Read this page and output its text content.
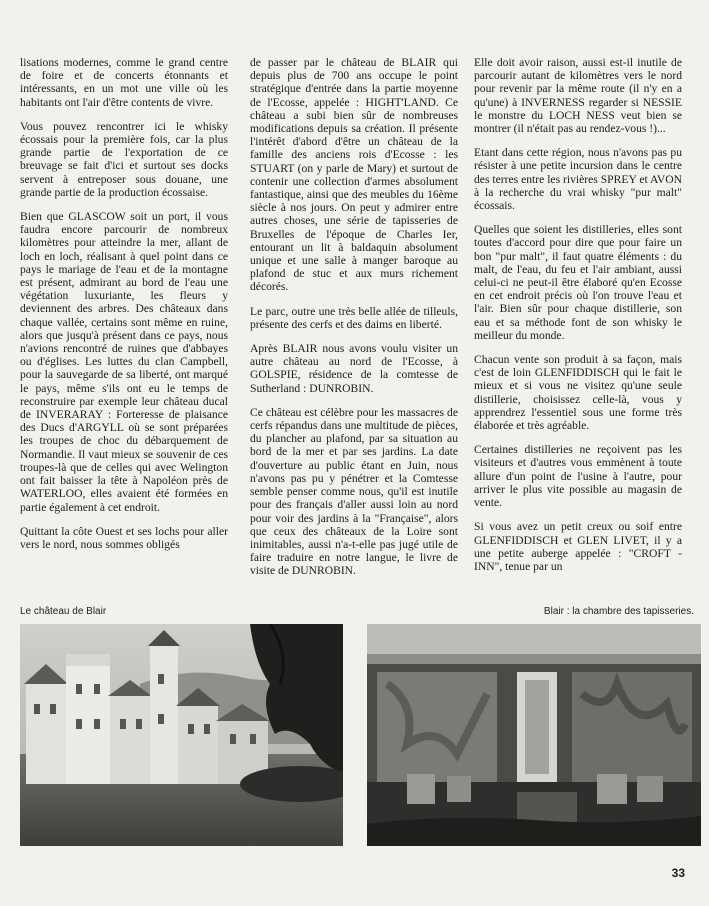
lisations modernes, comme le grand centre de foire et de concerts étonnants et intéressants, en un mot une ville où les habitants ont l'air d'être contents de vivre.

Vous pouvez rencontrer ici le whisky écossais pour la première fois, car la plus grande partie de l'exportation de ce breuvage se fait d'ici et surtout ses docks servent à entreposer sous douane, une grande partie de la production écossaise.

Bien que GLASCOW soit un port, il vous faudra encore parcourir de nombreux kilomètres pour atteindre la mer, allant de loch en loch, réalisant à quel point dans ce pays le mariage de l'eau et de la montagne est présent, admirant au bord de l'eau une végétation luxuriante, les fleurs y deviennent des arbres. Des châteaux dans chaque vallée, certains sont même en ruine, alors que jusqu'à présent dans ce pays, nous n'avions rencontré de ruines que d'abbayes ou d'églises. Les luttes du clan Campbell, pour la sauvegarde de sa liberté, ont marqué le pays, même s'ils ont eu le temps de reconstruire par exemple leur château ducal de INVERARAY : Forteresse de plaisance des Ducs d'ARGYLL où se sont préparées les troupes de choc du débarquement de Normandie. Il vaut mieux se souvenir de ces troupes-là que de celles qui avec Welington ont fait baisser la tête à Napoléon près de WATERLOO, elles avaient été formées en partie également à cet endroit.

Quittant la côte Ouest et ses lochs pour aller vers le nord, nous sommes obligés

de passer par le château de BLAIR qui depuis plus de 700 ans occupe le point stratégique d'entrée dans la partie moyenne de l'Ecosse, appelée : HIGHT'LAND. Ce château a subi bien sûr de nombreuses modifications depuis sa création. Il présente l'intérêt d'abord d'être un château de la famille des anciens rois d'Ecosse : les STUART (on y parle de Mary) et surtout de contenir une collection d'armes absolument fantastique, ainsi que des meubles du 16ème siècle à nos jours. On peut y admirer entre autres choses, une série de tapisseries de Bruxelles de l'époque de Charles Ier, entourant un lit à baldaquin absolument unique et une salle à manger baroque au plafond de stuc et aux murs richement décorés.

Le parc, outre une très belle allée de tilleuls, présente des cerfs et des daims en liberté.

Après BLAIR nous avons voulu visiter un autre château au nord de l'Ecosse, à GOLSPIE, résidence de la comtesse de Sutherland : DUNROBIN.

Ce château est célèbre pour les massacres de cerfs répandus dans une multitude de pièces, du plancher au plafond, par sa situation au bord de la mer et par ses jardins. La date d'ouverture au public étant en Juin, nous n'avons pas pu y pénétrer et la Comtesse semble penser comme nous, qu'il est inutile pour des français d'aller aussi loin au nord pour voir des jardins à la "Française", alors que ceux des châteaux de la Loire sont inimitables, aussi n'a-t-elle pas jugé utile de faire traduire en notre langue, le livre de visite de DUNROBIN.

Elle doit avoir raison, aussi est-il inutile de parcourir autant de kilomètres vers le nord pour revenir par la même route (il n'y en a qu'une) à INVERNESS regarder si NESSIE le monstre du LOCH NESS veut bien se montrer (il n'était pas au rendez-vous !)...

Etant dans cette région, nous n'avons pas pu résister à une petite incursion dans le centre des terres entre les rivières SPREY et AVON à la recherche du vrai whisky "pur malt" écossais.

Quelles que soient les distilleries, elles sont toutes d'accord pour dire que pour faire un bon "pur malt", il faut quatre éléments : du malt, de l'eau, du feu et l'air ambiant, aussi celui-ci ne peut-il être élaboré qu'en Ecosse en cet endroit précis où l'on trouve l'eau et l'air. Bien sûr pour chaque distillerie, son eau et sa méthode font de son whisky le meilleur du monde.

Chacun vente son produit à sa façon, mais c'est de loin GLENFIDDISCH qui le fait le mieux et si vous ne visitez qu'une seule distillerie, choisissez celle-là, vous y apprendrez l'essentiel sous une forme très élaborée et très agréable.

Certaines distilleries ne reçoivent pas les visiteurs et d'autres vous emmènent à toute allure d'un point de l'usine à l'autre, pour arriver le plus vite possible au magasin de vente.

Si vous avez un petit creux ou soif entre GLENFIDDISCH et GLEN LIVET, il y a une petite auberge appelée : "CROFT - INN", tenue par un

Le château de Blair	Blair : la chambre des tapisseries.
33
